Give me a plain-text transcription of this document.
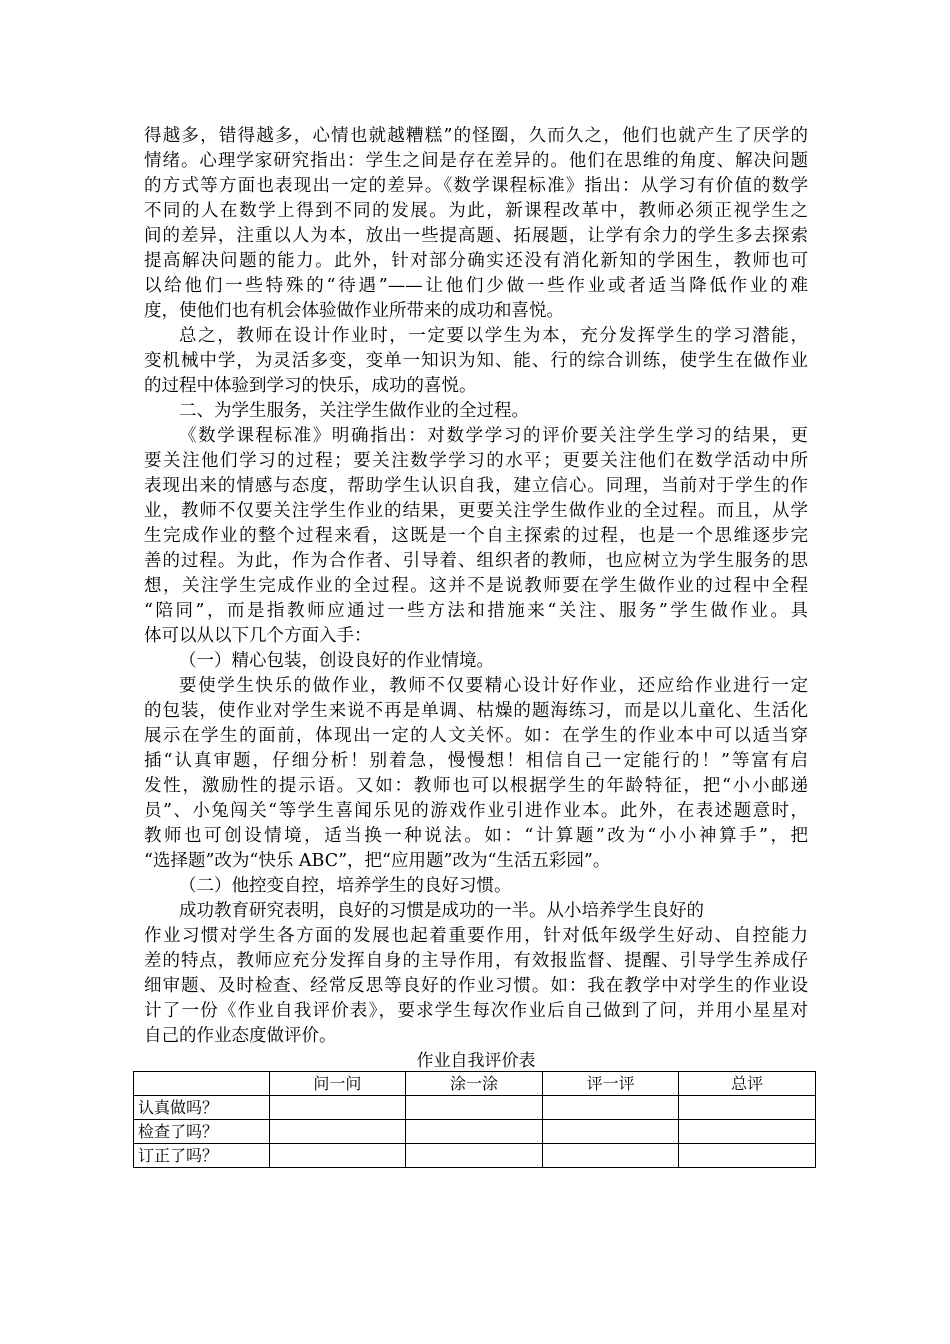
得越多，错得越多，心情也就越糟糕”的怪圈，久而久之，他们也就产生了厌学的
情绪。心理学家研究指出：学生之间是存在差异的。他们在思维的角度、解决问题
的方式等方面也表现出一定的差异。《数学课程标准》指出：从学习有价值的数学
不同的人在数学上得到不同的发展。为此，新课程改革中，教师必须正视学生之
间的差异，注重以人为本，放出一些提高题、拓展题，让学有余力的学生多去探索
提高解决问题的能力。此外，针对部分确实还没有消化新知的学困生，教师也可
以给他们一些特殊的“待遇”——让他们少做一些作业或者适当降低作业的难
度，使他们也有机会体验做作业所带来的成功和喜悦。
总之，教师在设计作业时，一定要以学生为本，充分发挥学生的学习潜能，
变机械中学，为灵活多变，变单一知识为知、能、行的综合训练，使学生在做作业
的过程中体验到学习的快乐，成功的喜悦。
二、为学生服务，关注学生做作业的全过程。
《数学课程标准》明确指出：对数学学习的评价要关注学生学习的结果，更
要关注他们学习的过程；要关注数学学习的水平；更要关注他们在数学活动中所
表现出来的情感与态度，帮助学生认识自我，建立信心。同理，当前对于学生的作
业，教师不仅要关注学生作业的结果，更要关注学生做作业的全过程。而且，从学
生完成作业的整个过程来看，这既是一个自主探索的过程，也是一个思维逐步完
善的过程。为此，作为合作者、引导着、组织者的教师，也应树立为学生服务的思
想，关注学生完成作业的全过程。这并不是说教师要在学生做作业的过程中全程
“陪同”，而是指教师应通过一些方法和措施来“关注、服务”学生做作业。具
体可以从以下几个方面入手：
（一）精心包装，创设良好的作业情境。
要使学生快乐的做作业，教师不仅要精心设计好作业，还应给作业进行一定
的包装，使作业对学生来说不再是单调、枯燥的题海练习，而是以儿童化、生活化
展示在学生的面前，体现出一定的人文关怀。如：在学生的作业本中可以适当穿
插“认真审题，仔细分析！别着急，慢慢想！相信自己一定能行的！”等富有启
发性，激励性的提示语。又如：教师也可以根据学生的年龄特征，把“小小邮递
员”、小兔闯关“等学生喜闻乐见的游戏作业引进作业本。此外，在表述题意时，
教师也可创设情境，适当换一种说法。如：“计算题”改为“小小神算手”，把
“选择题”改为“快乐 ABC”，把“应用题”改为“生活五彩园”。
（二）他控变自控，培养学生的良好习惯。
成功教育研究表明，良好的习惯是成功的一半。从小培养学生良好的
作业习惯对学生各方面的发展也起着重要作用，针对低年级学生好动、自控能力
差的特点，教师应充分发挥自身的主导作用，有效报监督、提醒、引导学生养成仔
细审题、及时检查、经常反思等良好的作业习惯。如：我在教学中对学生的作业设
计了一份《作业自我评价表》，要求学生每次作业后自己做到了问，并用小星星对
自己的作业态度做评价。
作业自我评价表
	问一问	涂一涂	评一评	总评
认真做吗？				
检查了吗？				
订正了吗？				
